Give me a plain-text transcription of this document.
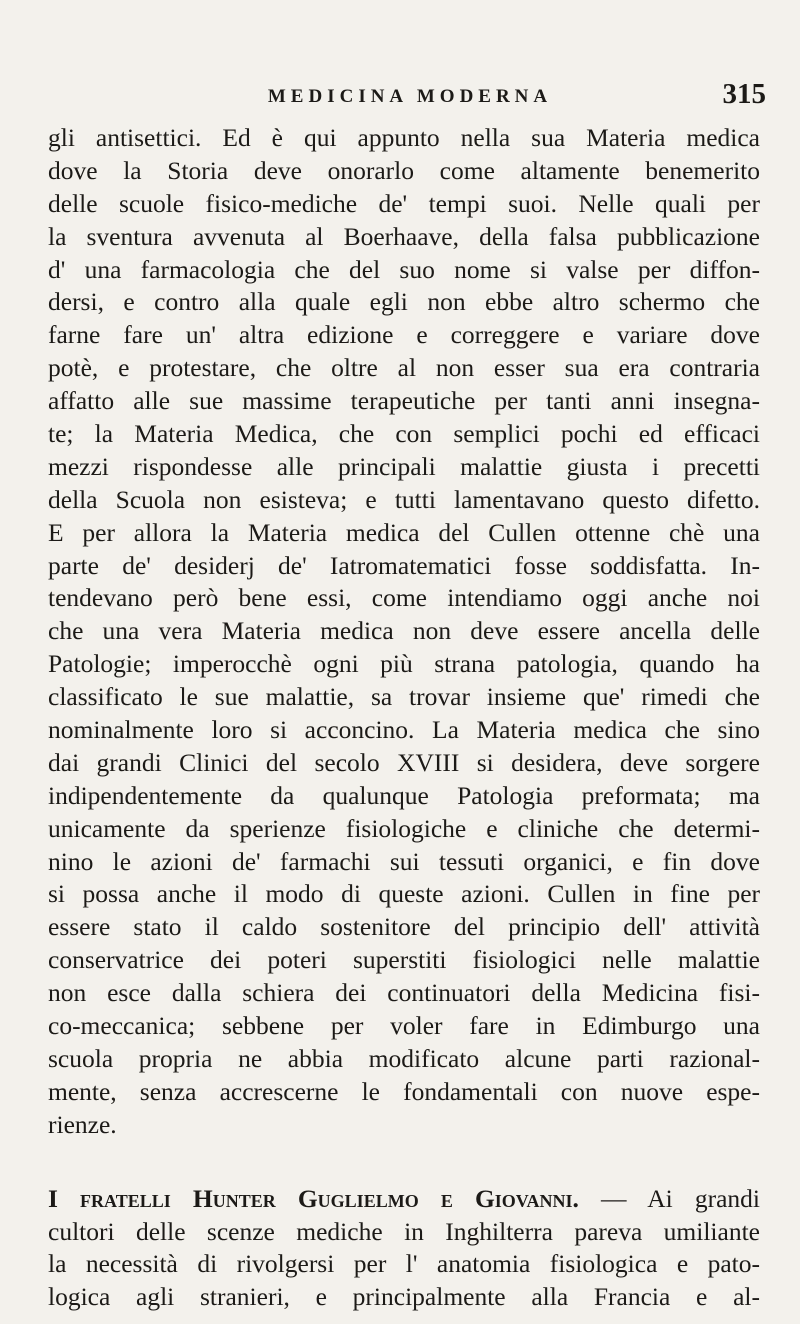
MEDICINA MODERNA	315
gli antisettici. Ed è qui appunto nella sua Materia medica
dove la Storia deve onorarlo come altamente benemerito
delle scuole fisico-mediche de' tempi suoi. Nelle quali per
la sventura avvenuta al Boerhaave, della falsa pubblicazione
d' una farmacologia che del suo nome si valse per diffon-
dersi, e contro alla quale egli non ebbe altro schermo che
farne fare un' altra edizione e correggere e variare dove
potè, e protestare, che oltre al non esser sua era contraria
affatto alle sue massime terapeutiche per tanti anni insegna-
te; la Materia Medica, che con semplici pochi ed efficaci
mezzi rispondesse alle principali malattie giusta i precetti
della Scuola non esisteva; e tutti lamentavano questo difetto.
E per allora la Materia medica del Cullen ottenne chè una
parte de' desiderj de' Iatromatematici fosse soddisfatta. In-
tendevano però bene essi, come intendiamo oggi anche noi
che una vera Materia medica non deve essere ancella delle
Patologie; imperocchè ogni più strana patologia, quando ha
classificato le sue malattie, sa trovar insieme que' rimedi che
nominalmente loro si acconcino. La Materia medica che sino
dai grandi Clinici del secolo XVIII si desidera, deve sorgere
indipendentemente da qualunque Patologia preformata; ma
unicamente da sperienze fisiologiche e cliniche che determi-
nino le azioni de' farmachi sui tessuti organici, e fin dove
si possa anche il modo di queste azioni. Cullen in fine per
essere stato il caldo sostenitore del principio dell' attività
conservatrice dei poteri superstiti fisiologici nelle malattie
non esce dalla schiera dei continuatori della Medicina fisi-
co-meccanica; sebbene per voler fare in Edimburgo una
scuola propria ne abbia modificato alcune parti razional-
mente, senza accrescerne le fondamentali con nuove espe-
rienze.
I fratelli Hunter Guglielmo e Giovanni. — Ai grandi
cultori delle scenze mediche in Inghilterra pareva umiliante
la necessità di rivolgersi per l' anatomia fisiologica e pato-
logica agli stranieri, e principalmente alla Francia e al-
